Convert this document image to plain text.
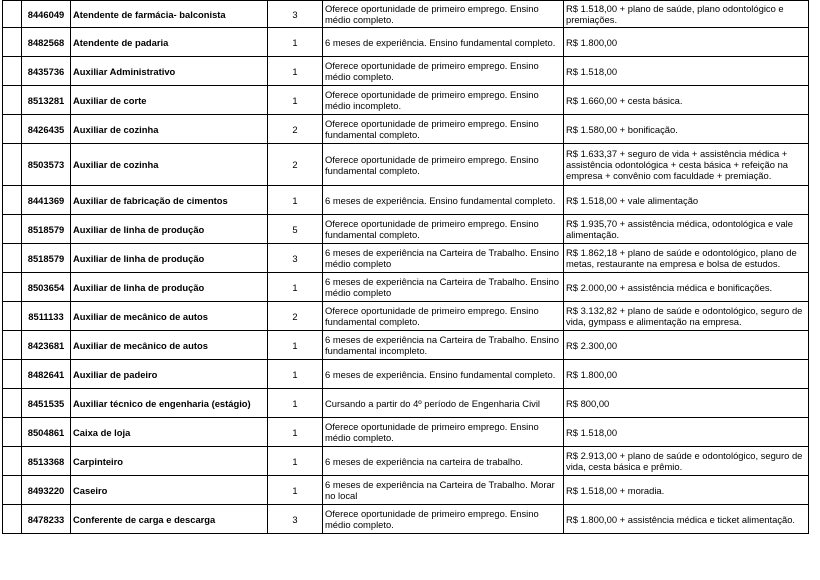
	8446049	Atendente de farmácia- balconista	3	Oferece oportunidade de primeiro emprego. Ensino médio completo.	R$ 1.518,00 + plano de saúde, plano odontológico e premiações.
	8482568	Atendente de padaria	1	6 meses de experiência. Ensino fundamental completo.	R$ 1.800,00
	8435736	Auxiliar Administrativo	1	Oferece oportunidade de primeiro emprego. Ensino médio completo.	R$ 1.518,00
	8513281	Auxiliar de corte	1	Oferece oportunidade de primeiro emprego. Ensino médio incompleto.	R$ 1.660,00 + cesta básica.
	8426435	Auxiliar de cozinha	2	Oferece oportunidade de primeiro emprego. Ensino fundamental completo.	R$ 1.580,00 + bonificação.
	8503573	Auxiliar de cozinha	2	Oferece oportunidade de primeiro emprego. Ensino fundamental completo.	R$ 1.633,37 + seguro de vida + assistência médica + assistência odontológica + cesta básica + refeição na empresa + convênio com faculdade + premiação.
	8441369	Auxiliar de fabricação de cimentos	1	6 meses de experiência. Ensino fundamental completo.	R$ 1.518,00 + vale alimentação
	8518579	Auxiliar de linha de produção	5	Oferece oportunidade de primeiro emprego. Ensino fundamental completo.	R$ 1.935,70 + assistência médica, odontológica e vale alimentação.
	8518579	Auxiliar de linha de produção	3	6 meses de experiência na Carteira de Trabalho. Ensino médio completo	R$ 1.862,18 + plano de saúde e odontológico, plano de metas, restaurante na empresa e bolsa de estudos.
	8503654	Auxiliar de linha de produção	1	6 meses de experiência na Carteira de Trabalho. Ensino médio completo	R$ 2.000,00 + assistência médica e bonificações.
	8511133	Auxiliar de mecânico de autos	2	Oferece oportunidade de primeiro emprego. Ensino fundamental completo.	R$ 3.132,82 + plano de saúde e odontológico, seguro de vida, gympass e alimentação na empresa.
	8423681	Auxiliar de mecânico de autos	1	6 meses de experiência na Carteira de Trabalho. Ensino fundamental incompleto.	R$ 2.300,00
	8482641	Auxiliar de padeiro	1	6 meses de experiência. Ensino fundamental completo.	R$ 1.800,00
	8451535	Auxiliar técnico de engenharia (estágio)	1	Cursando a partir do 4º período de Engenharia Civil	R$ 800,00
	8504861	Caixa de loja	1	Oferece oportunidade de primeiro emprego. Ensino médio completo.	R$ 1.518,00
	8513368	Carpinteiro	1	6 meses de experiência na carteira de trabalho.	R$ 2.913,00 + plano de saúde e odontológico, seguro de vida, cesta básica e prêmio.
	8493220	Caseiro	1	6 meses de experiência na Carteira de Trabalho. Morar no local	R$ 1.518,00 + moradia.
	8478233	Conferente de carga e descarga	3	Oferece oportunidade de primeiro emprego. Ensino médio completo.	R$ 1.800,00 + assistência médica e ticket alimentação.
